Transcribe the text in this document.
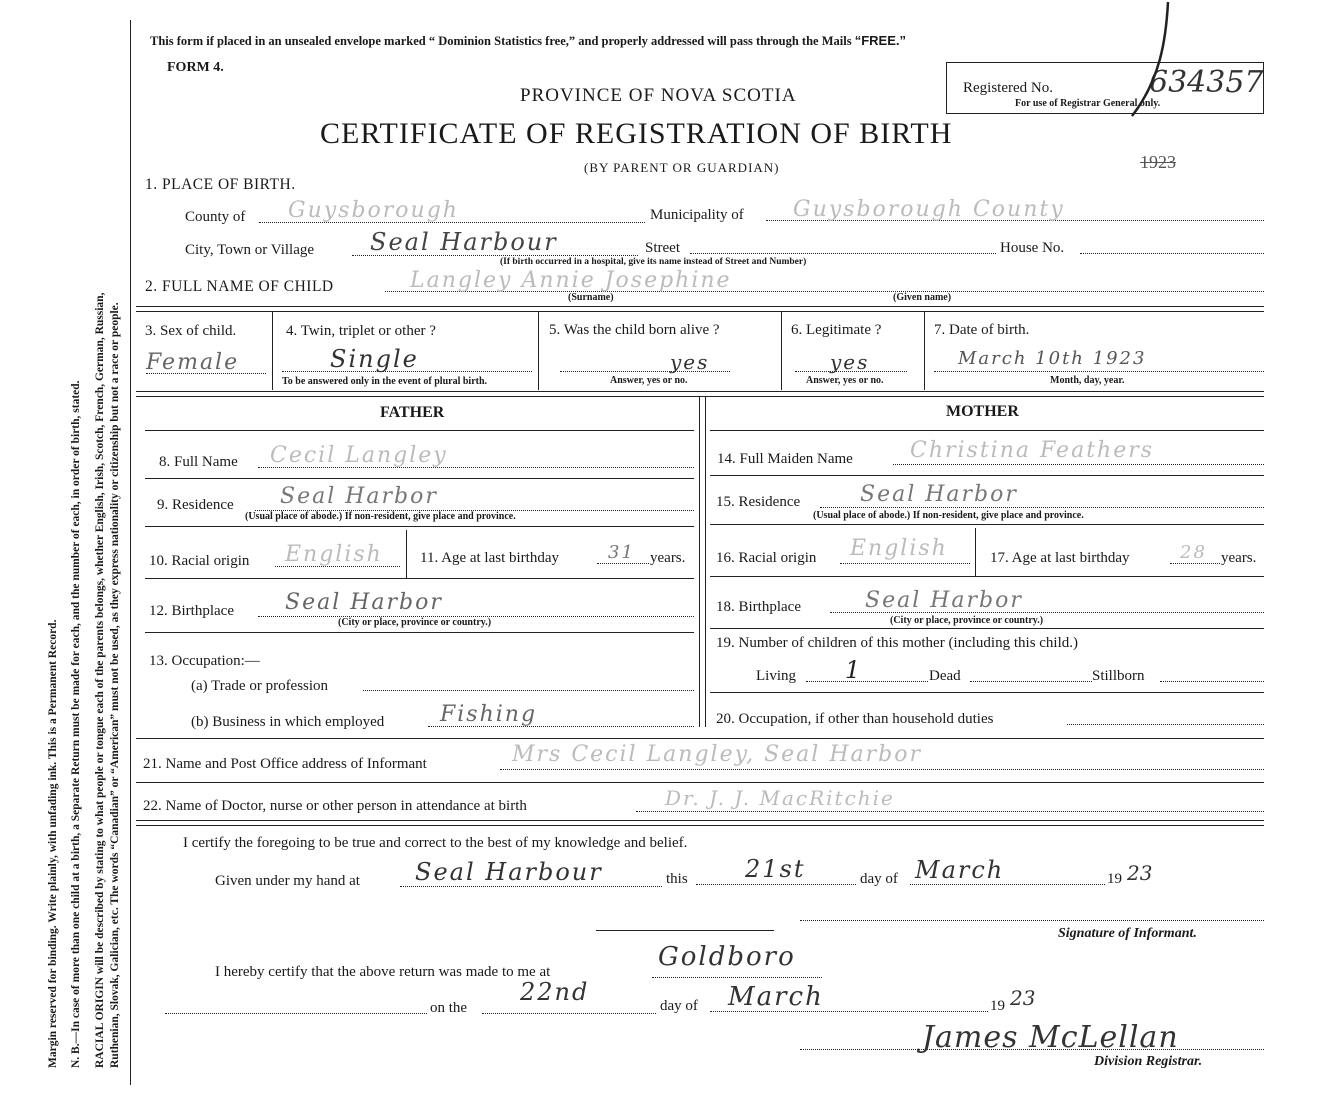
Margin reserved for binding. Write plainly, with unfading ink. This is a Permanent Record. N. B.—In case of more than one child at a birth, a Separate Return must be made for each, and the number of each, in order of birth, stated. RACIAL ORIGIN will be described by stating to what people or tongue each of the parents belongs, whether English, Irish, Scotch, French, German, Russian, Ruthenian, Slovak, Galician, etc. The words “Canadian” or “American” must not be used, as they express nationality or citizenship but not a race or people.
This form if placed in an unsealed envelope marked “ Dominion Statistics free,” and properly addressed will pass through the Mails “FREE.”
FORM 4.
PROVINCE OF NOVA SCOTIA
CERTIFICATE OF REGISTRATION OF BIRTH
(BY PARENT OR GUARDIAN)
Registered No.
For use of Registrar General only.
634357
1923
1. PLACE OF BIRTH.
County of Guysborough	Municipality of Guysborough County
City, Town or Village Seal Harbour	Street
(If birth occurred in a hospital, give its name instead of Street and Number)
House No.
2. FULL NAME OF CHILD	Langley Annie Josephine
(Surname)	(Given name)
3. Sex of child.
Female
4. Twin, triplet or other ?
Single
To be answered only in the event of plural birth.
5. Was the child born alive ?
yes
Answer, yes or no.
6. Legitimate ?
yes
Answer, yes or no.
7. Date of birth.
March 10th 1923
Month, day, year.
FATHER	MOTHER
8. Full Name Cecil Langley
9. Residence Seal Harbor
(Usual place of abode.) If non-resident, give place and province.
10. Racial origin English 11. Age at last birthday	31 years.
12. Birthplace Seal Harbor
(City or place, province or country.)
13. Occupation:—
(a) Trade or profession
(b) Business in which employed	Fishing
14. Full Maiden Name	Christina Feathers
15. Residence	Seal Harbor
(Usual place of abode.) If non-resident, give place and province.
16. Racial origin English	17. Age at last birthday	28 years.
18. Birthplace	Seal Harbor
(City or place, province or country.)
19. Number of children of this mother (including this child.)
Living 1	Dead	Stillborn
20. Occupation, if other than household duties
21. Name and Post Office address of Informant	Mrs Cecil Langley, Seal Harbor
22. Name of Doctor, nurse or other person in attendance at birth	Dr. J. J. MacRitchie
I certify the foregoing to be true and correct to the best of my knowledge and belief.
Given under my hand at Seal Harbour	this 21st	day of March	19 23
Signature of Informant.
I hereby certify that the above return was made to me at	Goldboro
on the
22nd	day of March	19 23
James McLellan
Division Registrar.
